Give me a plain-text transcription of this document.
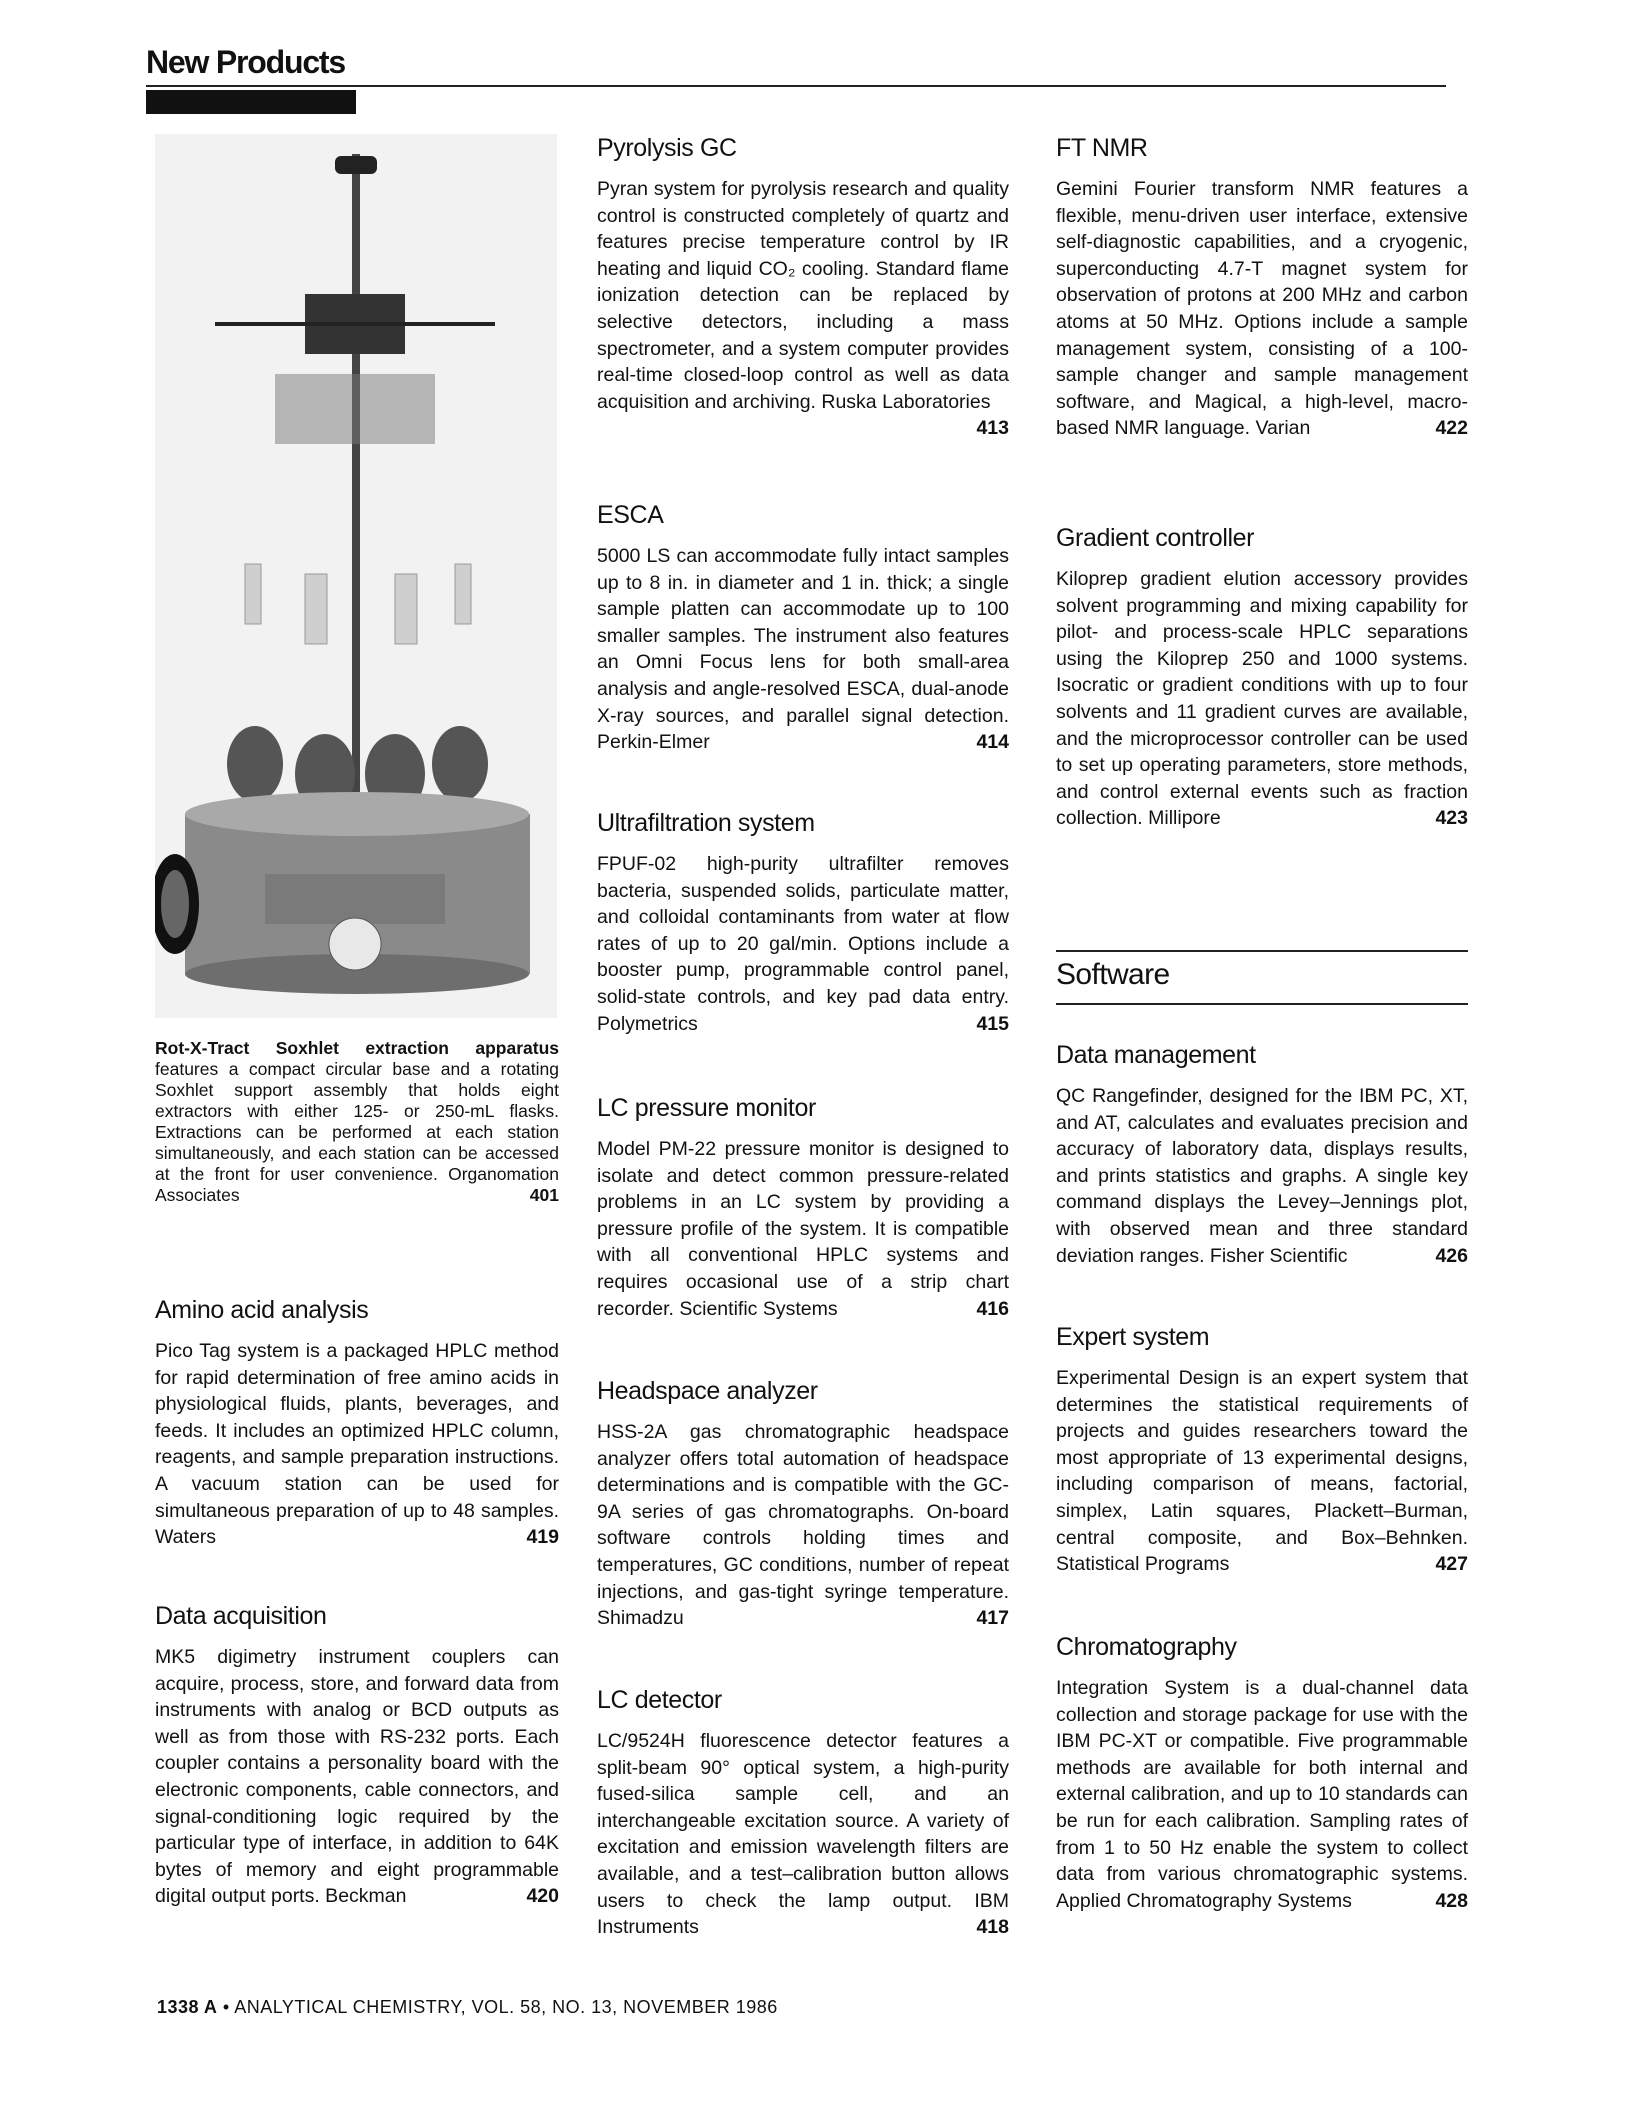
New Products
Rot-X-Tract Soxhlet extraction apparatus features a compact circular base and a rotating Soxhlet support assembly that holds eight extractors with either 125- or 250-mL flasks. Extractions can be performed at each station simultaneously, and each station can be accessed at the front for user convenience. Organomation Associates	401
Amino acid analysis

Pico Tag system is a packaged HPLC method for rapid determination of free amino acids in physiological fluids, plants, beverages, and feeds. It includes an optimized HPLC column, reagents, and sample preparation instructions. A vacuum station can be used for simultaneous preparation of up to 48 samples. Waters	419

Data acquisition

MK5 digimetry instrument couplers can acquire, process, store, and forward data from instruments with analog or BCD outputs as well as from those with RS-232 ports. Each coupler contains a personality board with the electronic components, cable connectors, and signal-conditioning logic required by the particular type of interface, in addition to 64K bytes of memory and eight programmable digital output ports. Beckman	420

Pyrolysis GC

Pyran system for pyrolysis research and quality control is constructed completely of quartz and features precise temperature control by IR heating and liquid CO₂ cooling. Standard flame ionization detection can be replaced by selective detectors, including a mass spectrometer, and a system computer provides real-time closed-loop control as well as data acquisition and archiving. Ruska Laboratories
413

ESCA

5000 LS can accommodate fully intact samples up to 8 in. in diameter and 1 in. thick; a single sample platten can accommodate up to 100 smaller samples. The instrument also features an Omni Focus lens for both small-area analysis and angle-resolved ESCA, dual-anode X-ray sources, and parallel signal detection. Perkin-Elmer	414

Ultrafiltration system

FPUF-02 high-purity ultrafilter removes bacteria, suspended solids, particulate matter, and colloidal contaminants from water at flow rates of up to 20 gal/min. Options include a booster pump, programmable control panel, solid-state controls, and key pad data entry. Polymetrics	415

LC pressure monitor

Model PM-22 pressure monitor is designed to isolate and detect common pressure-related problems in an LC system by providing a pressure profile of the system. It is compatible with all conventional HPLC systems and requires occasional use of a strip chart recorder. Scientific Systems	416

Headspace analyzer

HSS-2A gas chromatographic headspace analyzer offers total automation of headspace determinations and is compatible with the GC-9A series of gas chromatographs. On-board software controls holding times and temperatures, GC conditions, number of repeat injections, and gas-tight syringe temperature. Shimadzu	417

LC detector

LC/9524H fluorescence detector features a split-beam 90° optical system, a high-purity fused-silica sample cell, and an interchangeable excitation source. A variety of excitation and emission wavelength filters are available, and a test–calibration button allows users to check the lamp output. IBM Instruments	418

FT NMR

Gemini Fourier transform NMR features a flexible, menu-driven user interface, extensive self-diagnostic capabilities, and a cryogenic, superconducting 4.7-T magnet system for observation of protons at 200 MHz and carbon atoms at 50 MHz. Options include a sample management system, consisting of a 100-sample changer and sample management software, and Magical, a high-level, macro-based NMR language. Varian	422

Gradient controller

Kiloprep gradient elution accessory provides solvent programming and mixing capability for pilot- and process-scale HPLC separations using the Kiloprep 250 and 1000 systems. Isocratic or gradient conditions with up to four solvents and 11 gradient curves are available, and the microprocessor controller can be used to set up operating parameters, store methods, and control external events such as fraction collection. Millipore	423

Software
Data management

QC Rangefinder, designed for the IBM PC, XT, and AT, calculates and evaluates precision and accuracy of laboratory data, displays results, and prints statistics and graphs. A single key command displays the Levey–Jennings plot, with observed mean and three standard deviation ranges. Fisher Scientific	426

Expert system

Experimental Design is an expert system that determines the statistical requirements of projects and guides researchers toward the most appropriate of 13 experimental designs, including comparison of means, factorial, simplex, Latin squares, Plackett–Burman, central composite, and Box–Behnken. Statistical Programs	427

Chromatography

Integration System is a dual-channel data collection and storage package for use with the IBM PC-XT or compatible. Five programmable methods are available for both internal and external calibration, and up to 10 standards can be run for each calibration. Sampling rates of from 1 to 50 Hz enable the system to collect data from various chromatographic systems. Applied Chromatography Systems	428

1338 A • ANALYTICAL CHEMISTRY, VOL. 58, NO. 13, NOVEMBER 1986
